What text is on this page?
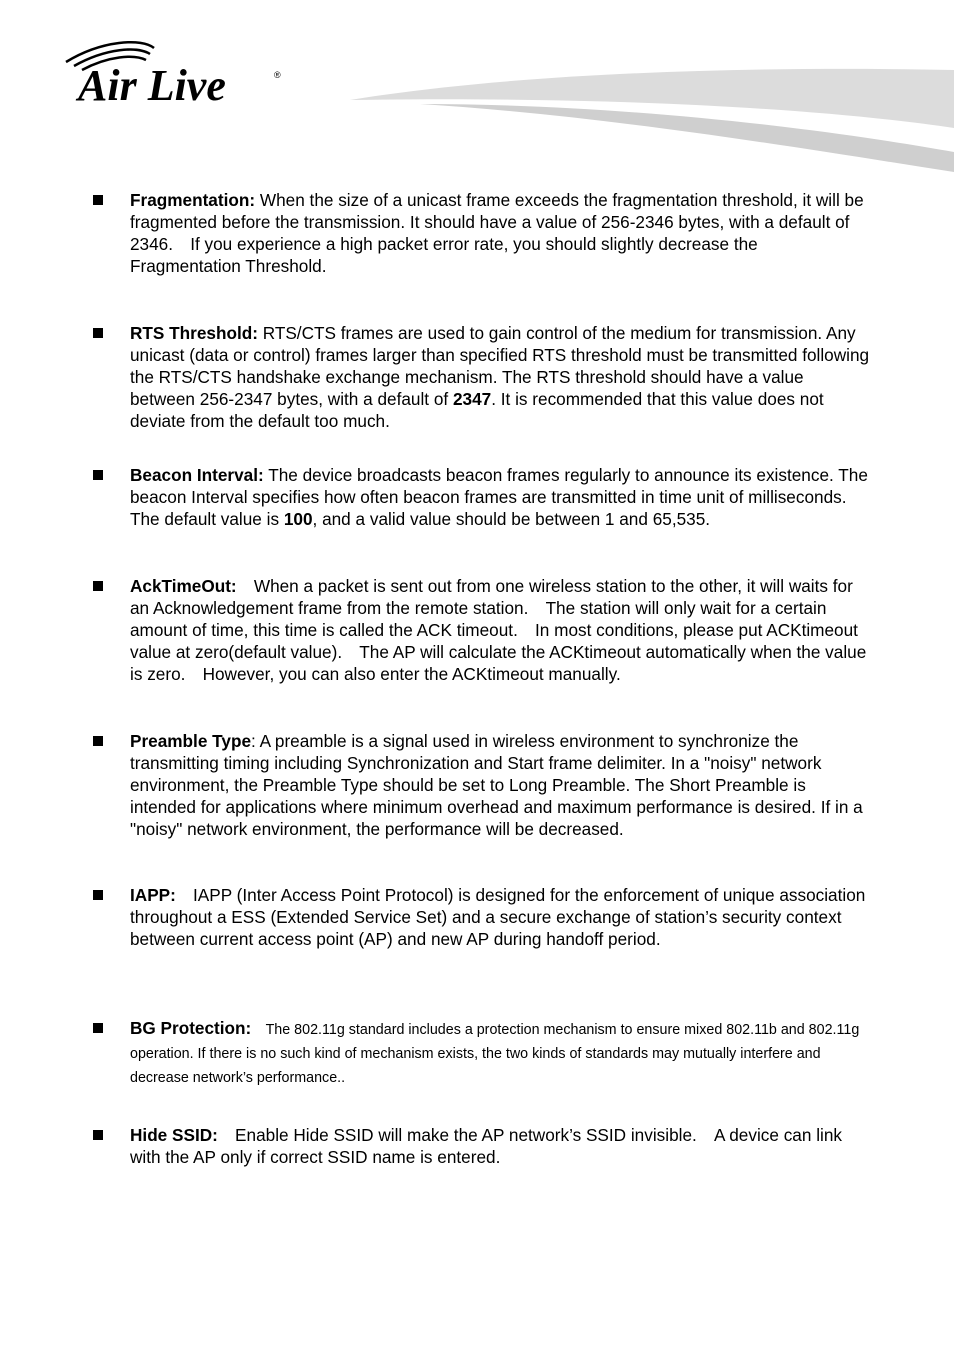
Air Live	®
Fragmentation: When the size of a unicast frame exceeds the fragmentation threshold, it will be fragmented before the transmission. It should have a value of 256-2346 bytes, with a default of 2346.　If you experience a high packet error rate, you should slightly decrease the Fragmentation Threshold.
RTS Threshold: RTS/CTS frames are used to gain control of the medium for transmission. Any unicast (data or control) frames larger than specified RTS threshold must be transmitted following the RTS/CTS handshake exchange mechanism. The RTS threshold should have a value between 256-2347 bytes, with a default of 2347. It is recommended that this value does not deviate from the default too much.
Beacon Interval: The device broadcasts beacon frames regularly to announce its existence. The beacon Interval specifies how often beacon frames are transmitted in time unit of milliseconds. The default value is 100, and a valid value should be between 1 and 65,535.
AckTimeOut:　When a packet is sent out from one wireless station to the other, it will waits for an Acknowledgement frame from the remote station.　The station will only wait for a certain amount of time, this time is called the ACK timeout.　In most conditions, please put ACKtimeout value at zero(default value).　The AP will calculate the ACKtimeout automatically when the value is zero.　However, you can also enter the ACKtimeout manually.
Preamble Type: A preamble is a signal used in wireless environment to synchronize the transmitting timing including Synchronization and Start frame delimiter. In a "noisy" network environment, the Preamble Type should be set to Long Preamble. The Short Preamble is intended for applications where minimum overhead and maximum performance is desired. If in a "noisy" network environment, the performance will be decreased.
IAPP:　IAPP (Inter Access Point Protocol) is designed for the enforcement of unique association throughout a ESS (Extended Service Set) and a secure exchange of station’s security context between current access point (AP) and new AP during handoff period.
BG Protection:　The 802.11g standard includes a protection mechanism to ensure mixed 802.11b and 802.11g operation. If there is no such kind of mechanism exists, the two kinds of standards may mutually interfere and decrease network’s performance..
Hide SSID:　Enable Hide SSID will make the AP network’s SSID invisible.　A device can link with the AP only if correct SSID name is entered.
